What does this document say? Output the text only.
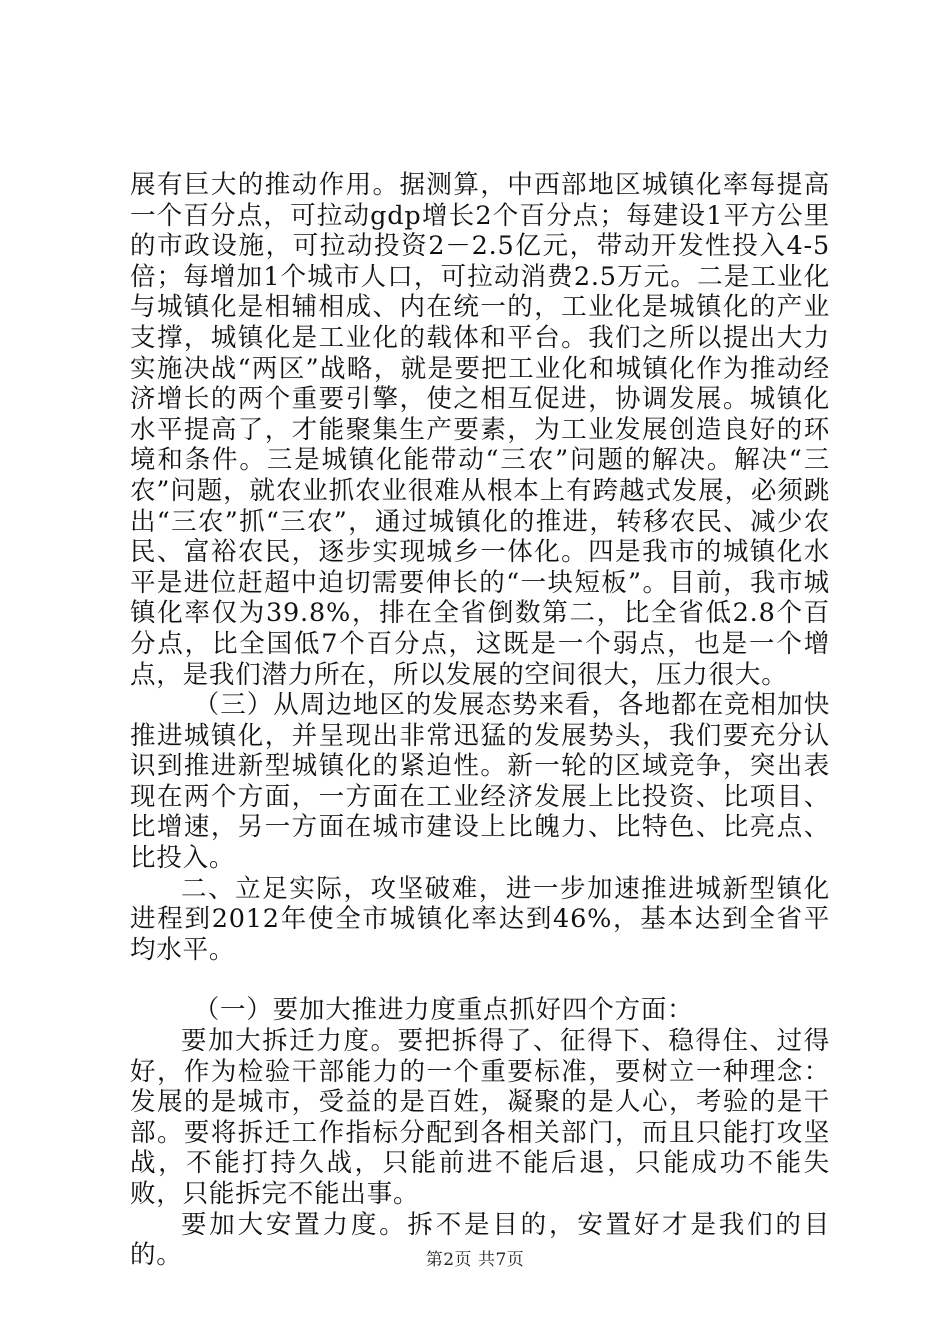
展有巨大的推动作用。据测算，中西部地区城镇化率每提高一个百分点，可拉动gdp增长2个百分点；每建设1平方公里的市政设施，可拉动投资2－2.5亿元，带动开发性投入4-5倍；每增加1个城市人口，可拉动消费2.5万元。二是工业化与城镇化是相辅相成、内在统一的，工业化是城镇化的产业支撑，城镇化是工业化的载体和平台。我们之所以提出大力实施决战“两区”战略，就是要把工业化和城镇化作为推动经济增长的两个重要引擎，使之相互促进，协调发展。城镇化水平提高了，才能聚集生产要素，为工业发展创造良好的环境和条件。三是城镇化能带动“三农”问题的解决。解决“三农”问题，就农业抓农业很难从根本上有跨越式发展，必须跳出“三农”抓“三农”，通过城镇化的推进，转移农民、减少农民、富裕农民，逐步实现城乡一体化。四是我市的城镇化水平是进位赶超中迫切需要伸长的“一块短板”。目前，我市城镇化率仅为39.8%，排在全省倒数第二，比全省低2.8个百分点，比全国低7个百分点，这既是一个弱点，也是一个增点，是我们潜力所在，所以发展的空间很大，压力很大。

（三）从周边地区的发展态势来看，各地都在竞相加快推进城镇化，并呈现出非常迅猛的发展势头，我们要充分认识到推进新型城镇化的紧迫性。新一轮的区域竞争，突出表现在两个方面，一方面在工业经济发展上比投资、比项目、比增速，另一方面在城市建设上比魄力、比特色、比亮点、比投入。

二、立足实际，攻坚破难，进一步加速推进城新型镇化进程到2012年使全市城镇化率达到46%，基本达到全省平均水平。

（一）要加大推进力度重点抓好四个方面：

要加大拆迁力度。要把拆得了、征得下、稳得住、过得好，作为检验干部能力的一个重要标准，要树立一种理念：发展的是城市，受益的是百姓，凝聚的是人心，考验的是干部。要将拆迁工作指标分配到各相关部门，而且只能打攻坚战，不能打持久战，只能前进不能后退，只能成功不能失败，只能拆完不能出事。

要加大安置力度。拆不是目的，安置好才是我们的目的。	第2页 共7页
